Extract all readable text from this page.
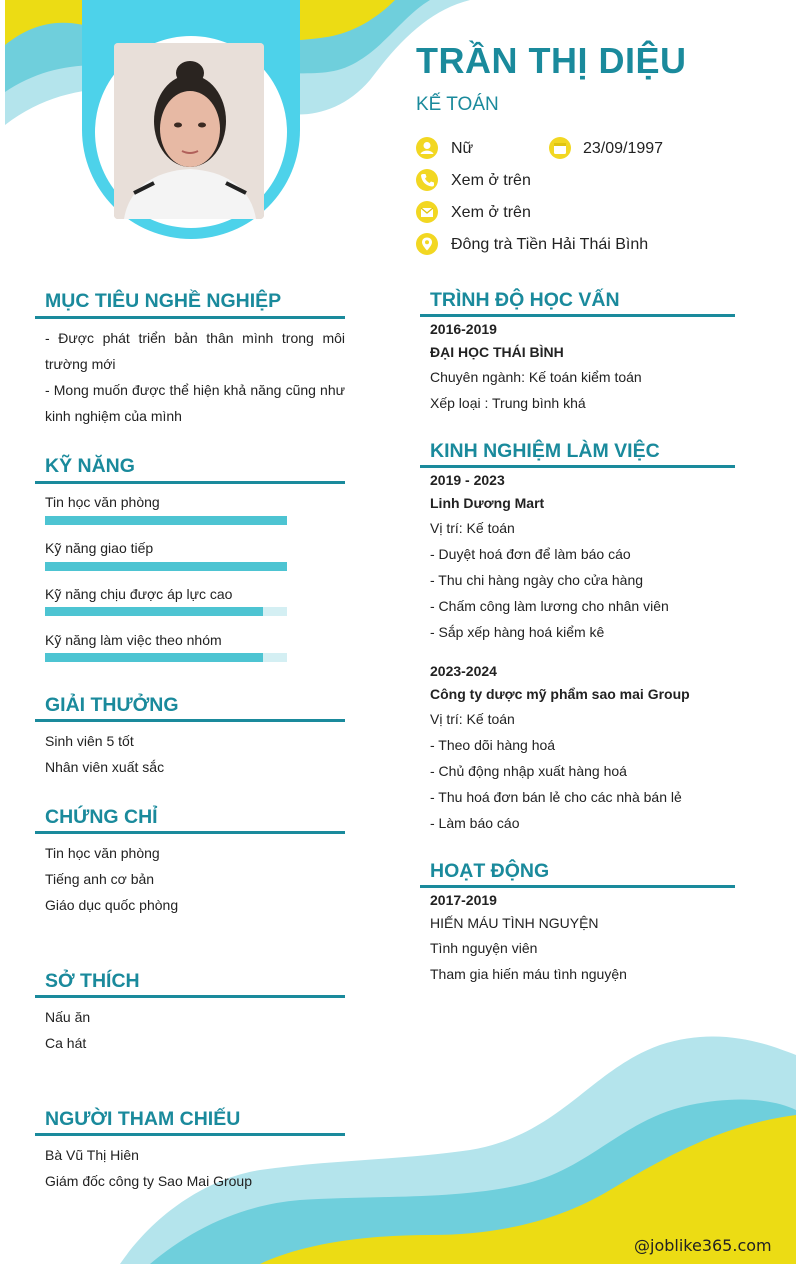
TRẦN THỊ DIỆU
KẾ TOÁN
Nữ	23/09/1997
Xem ở trên
Xem ở trên
Đông trà Tiền Hải Thái Bình
MỤC TIÊU NGHỀ NGHIỆP
- Được phát triển bản thân mình trong môi trường mới
- Mong muốn được thể hiện khả năng cũng như kinh nghiệm của mình
KỸ NĂNG
Tin học văn phòng
Kỹ năng giao tiếp
Kỹ năng chịu được áp lực cao
Kỹ năng làm việc theo nhóm
GIẢI THƯỞNG
Sinh viên 5 tốt
Nhân viên xuất sắc
CHỨNG CHỈ
Tin học văn phòng
Tiếng anh cơ bản
Giáo dục quốc phòng
SỞ THÍCH
Nấu ăn
Ca hát
NGƯỜI THAM CHIẾU
Bà Vũ Thị Hiên
Giám đốc công ty Sao Mai Group
TRÌNH ĐỘ HỌC VẤN
2016-2019
ĐẠI HỌC THÁI BÌNH
Chuyên ngành: Kế toán kiểm toán
Xếp loại : Trung bình khá
KINH NGHIỆM LÀM VIỆC
2019 - 2023
Linh Dương Mart
Vị trí: Kế toán
- Duyệt hoá đơn để làm báo cáo
- Thu chi hàng ngày cho cửa hàng
- Chấm công làm lương cho nhân viên
- Sắp xếp hàng hoá kiểm kê
2023-2024
Công ty dược mỹ phẩm sao mai Group
Vị trí: Kế toán
- Theo dõi hàng hoá
- Chủ động nhập xuất hàng hoá
- Thu hoá đơn bán lẻ cho các nhà bán lẻ
- Làm báo cáo
HOẠT ĐỘNG
2017-2019
HIẾN MÁU TÌNH NGUYỆN
Tình nguyện viên
Tham gia hiến máu tình nguyện
@joblike365.com
